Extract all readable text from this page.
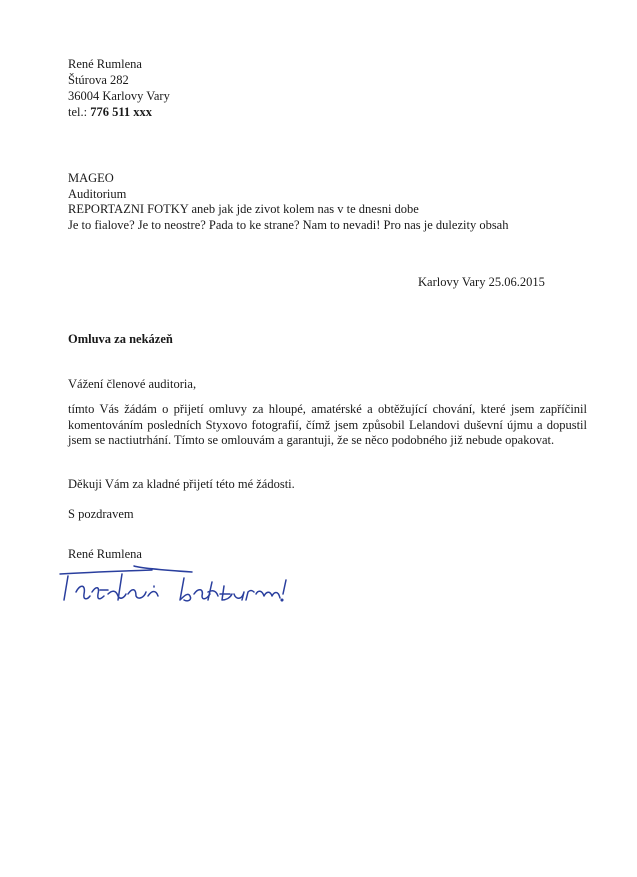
René Rumlena
Štúrova 282
36004 Karlovy Vary
tel.: 776 511 xxx
MAGEO
Auditorium
REPORTAZNI FOTKY aneb jak jde zivot kolem nas v te dnesni dobe
Je to fialove? Je to neostre? Pada to ke strane? Nam to nevadi! Pro nas je dulezity obsah
Karlovy Vary 25.06.2015
Omluva za nekázeň
Vážení členové auditoria,
tímto Vás žádám o přijetí omluvy za hloupé, amatérské a obtěžující chování, které jsem zapříčinil komentováním posledních Styxovo fotografií, čímž jsem způsobil Lelandovi duševní újmu a dopustil jsem se nactiutrhání. Tímto se omlouvám a garantuji, že se něco podobného již nebude opakovat.
Děkuji Vám za kladné přijetí této mé žádosti.
S pozdravem
René Rumlena
